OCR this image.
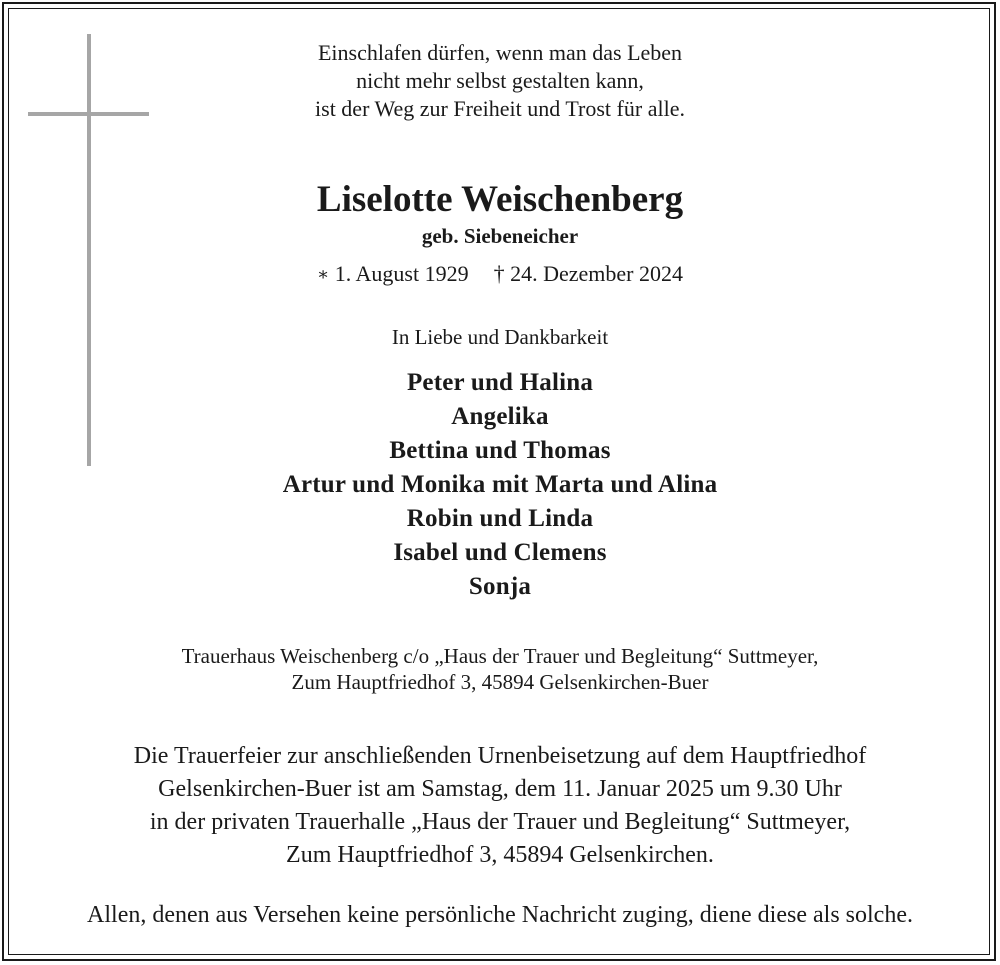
Einschlafen dürfen, wenn man das Leben
nicht mehr selbst gestalten kann,
ist der Weg zur Freiheit und Trost für alle.
Liselotte Weischenberg
geb. Siebeneicher
∗ 1. August 1929 † 24. Dezember 2024
In Liebe und Dankbarkeit
Peter und Halina
Angelika
Bettina und Thomas
Artur und Monika mit Marta und Alina
Robin und Linda
Isabel und Clemens
Sonja
Trauerhaus Weischenberg c/o „Haus der Trauer und Begleitung“ Suttmeyer,
Zum Hauptfriedhof 3, 45894 Gelsenkirchen-Buer
Die Trauerfeier zur anschließenden Urnenbeisetzung auf dem Hauptfriedhof
Gelsenkirchen-Buer ist am Samstag, dem 11. Januar 2025 um 9.30 Uhr
in der privaten Trauerhalle „Haus der Trauer und Begleitung“ Suttmeyer,
Zum Hauptfriedhof 3, 45894 Gelsenkirchen.
Allen, denen aus Versehen keine persönliche Nachricht zuging, diene diese als solche.
